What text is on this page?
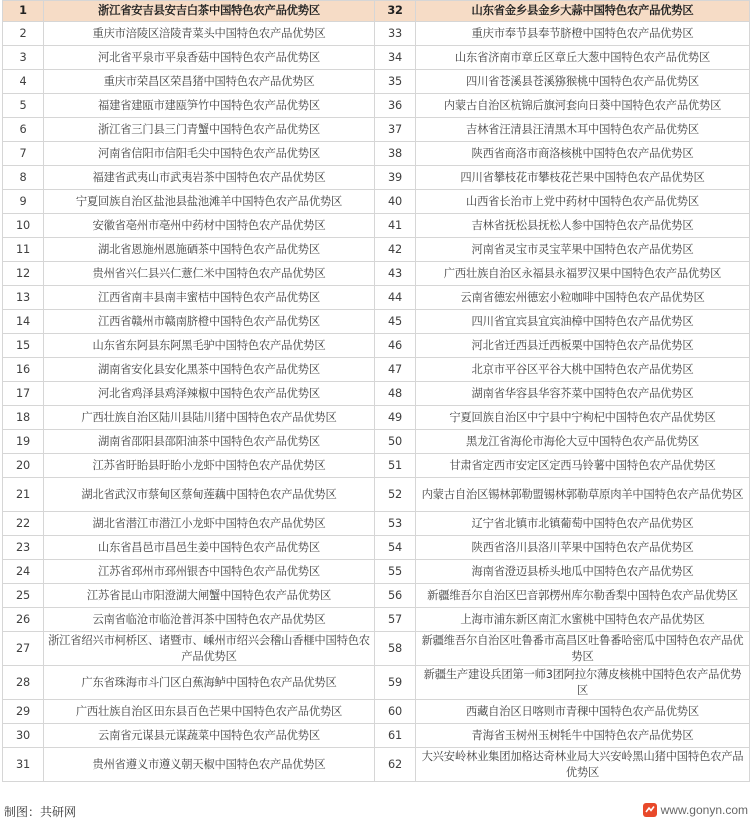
1	浙江省安吉县安吉白茶中国特色农产品优势区	32	山东省金乡县金乡大蒜中国特色农产品优势区
2	重庆市涪陵区涪陵青菜头中国特色农产品优势区	33	重庆市奉节县奉节脐橙中国特色农产品优势区
3	河北省平泉市平泉香菇中国特色农产品优势区	34	山东省济南市章丘区章丘大葱中国特色农产品优势区
4	重庆市荣昌区荣昌猪中国特色农产品优势区	35	四川省苍溪县苍溪猕猴桃中国特色农产品优势区
5	福建省建瓯市建瓯笋竹中国特色农产品优势区	36	内蒙古自治区杭锦后旗河套向日葵中国特色农产品优势区
6	浙江省三门县三门青蟹中国特色农产品优势区	37	吉林省汪清县汪清黑木耳中国特色农产品优势区
7	河南省信阳市信阳毛尖中国特色农产品优势区	38	陕西省商洛市商洛核桃中国特色农产品优势区
8	福建省武夷山市武夷岩茶中国特色农产品优势区	39	四川省攀枝花市攀枝花芒果中国特色农产品优势区
9	宁夏回族自治区盐池县盐池滩羊中国特色农产品优势区	40	山西省长治市上党中药材中国特色农产品优势区
10	安徽省亳州市亳州中药材中国特色农产品优势区	41	吉林省抚松县抚松人参中国特色农产品优势区
11	湖北省恩施州恩施硒茶中国特色农产品优势区	42	河南省灵宝市灵宝苹果中国特色农产品优势区
12	贵州省兴仁县兴仁薏仁米中国特色农产品优势区	43	广西壮族自治区永福县永福罗汉果中国特色农产品优势区
13	江西省南丰县南丰蜜桔中国特色农产品优势区	44	云南省德宏州德宏小粒咖啡中国特色农产品优势区
14	江西省赣州市赣南脐橙中国特色农产品优势区	45	四川省宜宾县宜宾油樟中国特色农产品优势区
15	山东省东阿县东阿黑毛驴中国特色农产品优势区	46	河北省迁西县迁西板栗中国特色农产品优势区
16	湖南省安化县安化黑茶中国特色农产品优势区	47	北京市平谷区平谷大桃中国特色农产品优势区
17	河北省鸡泽县鸡泽辣椒中国特色农产品优势区	48	湖南省华容县华容芥菜中国特色农产品优势区
18	广西壮族自治区陆川县陆川猪中国特色农产品优势区	49	宁夏回族自治区中宁县中宁枸杞中国特色农产品优势区
19	湖南省邵阳县邵阳油茶中国特色农产品优势区	50	黑龙江省海伦市海伦大豆中国特色农产品优势区
20	江苏省盱眙县盱眙小龙虾中国特色农产品优势区	51	甘肃省定西市安定区定西马铃薯中国特色农产品优势区
21	湖北省武汉市蔡甸区蔡甸莲藕中国特色农产品优势区	52	内蒙古自治区锡林郭勒盟锡林郭勒草原肉羊中国特色农产品优势区
22	湖北省潜江市潜江小龙虾中国特色农产品优势区	53	辽宁省北镇市北镇葡萄中国特色农产品优势区
23	山东省昌邑市昌邑生姜中国特色农产品优势区	54	陕西省洛川县洛川苹果中国特色农产品优势区
24	江苏省邳州市邳州银杏中国特色农产品优势区	55	海南省澄迈县桥头地瓜中国特色农产品优势区
25	江苏省昆山市阳澄湖大闸蟹中国特色农产品优势区	56	新疆维吾尔自治区巴音郭楞州库尔勒香梨中国特色农产品优势区
26	云南省临沧市临沧普洱茶中国特色农产品优势区	57	上海市浦东新区南汇水蜜桃中国特色农产品优势区
27	浙江省绍兴市柯桥区、诸暨市、嵊州市绍兴会稽山香榧中国特色农产品优势区	58	新疆维吾尔自治区吐鲁番市高昌区吐鲁番哈密瓜中国特色农产品优势区
28	广东省珠海市斗门区白蕉海鲈中国特色农产品优势区	59	新疆生产建设兵团第一师3团阿拉尔薄皮核桃中国特色农产品优势区
29	广西壮族自治区田东县百色芒果中国特色农产品优势区	60	西藏自治区日喀则市青稞中国特色农产品优势区
30	云南省元谋县元谋蔬菜中国特色农产品优势区	61	青海省玉树州玉树牦牛中国特色农产品优势区
31	贵州省遵义市遵义朝天椒中国特色农产品优势区	62	大兴安岭林业集团加格达奇林业局大兴安岭黑山猪中国特色农产品优势区
制图：共研网	www.gonyn.com
